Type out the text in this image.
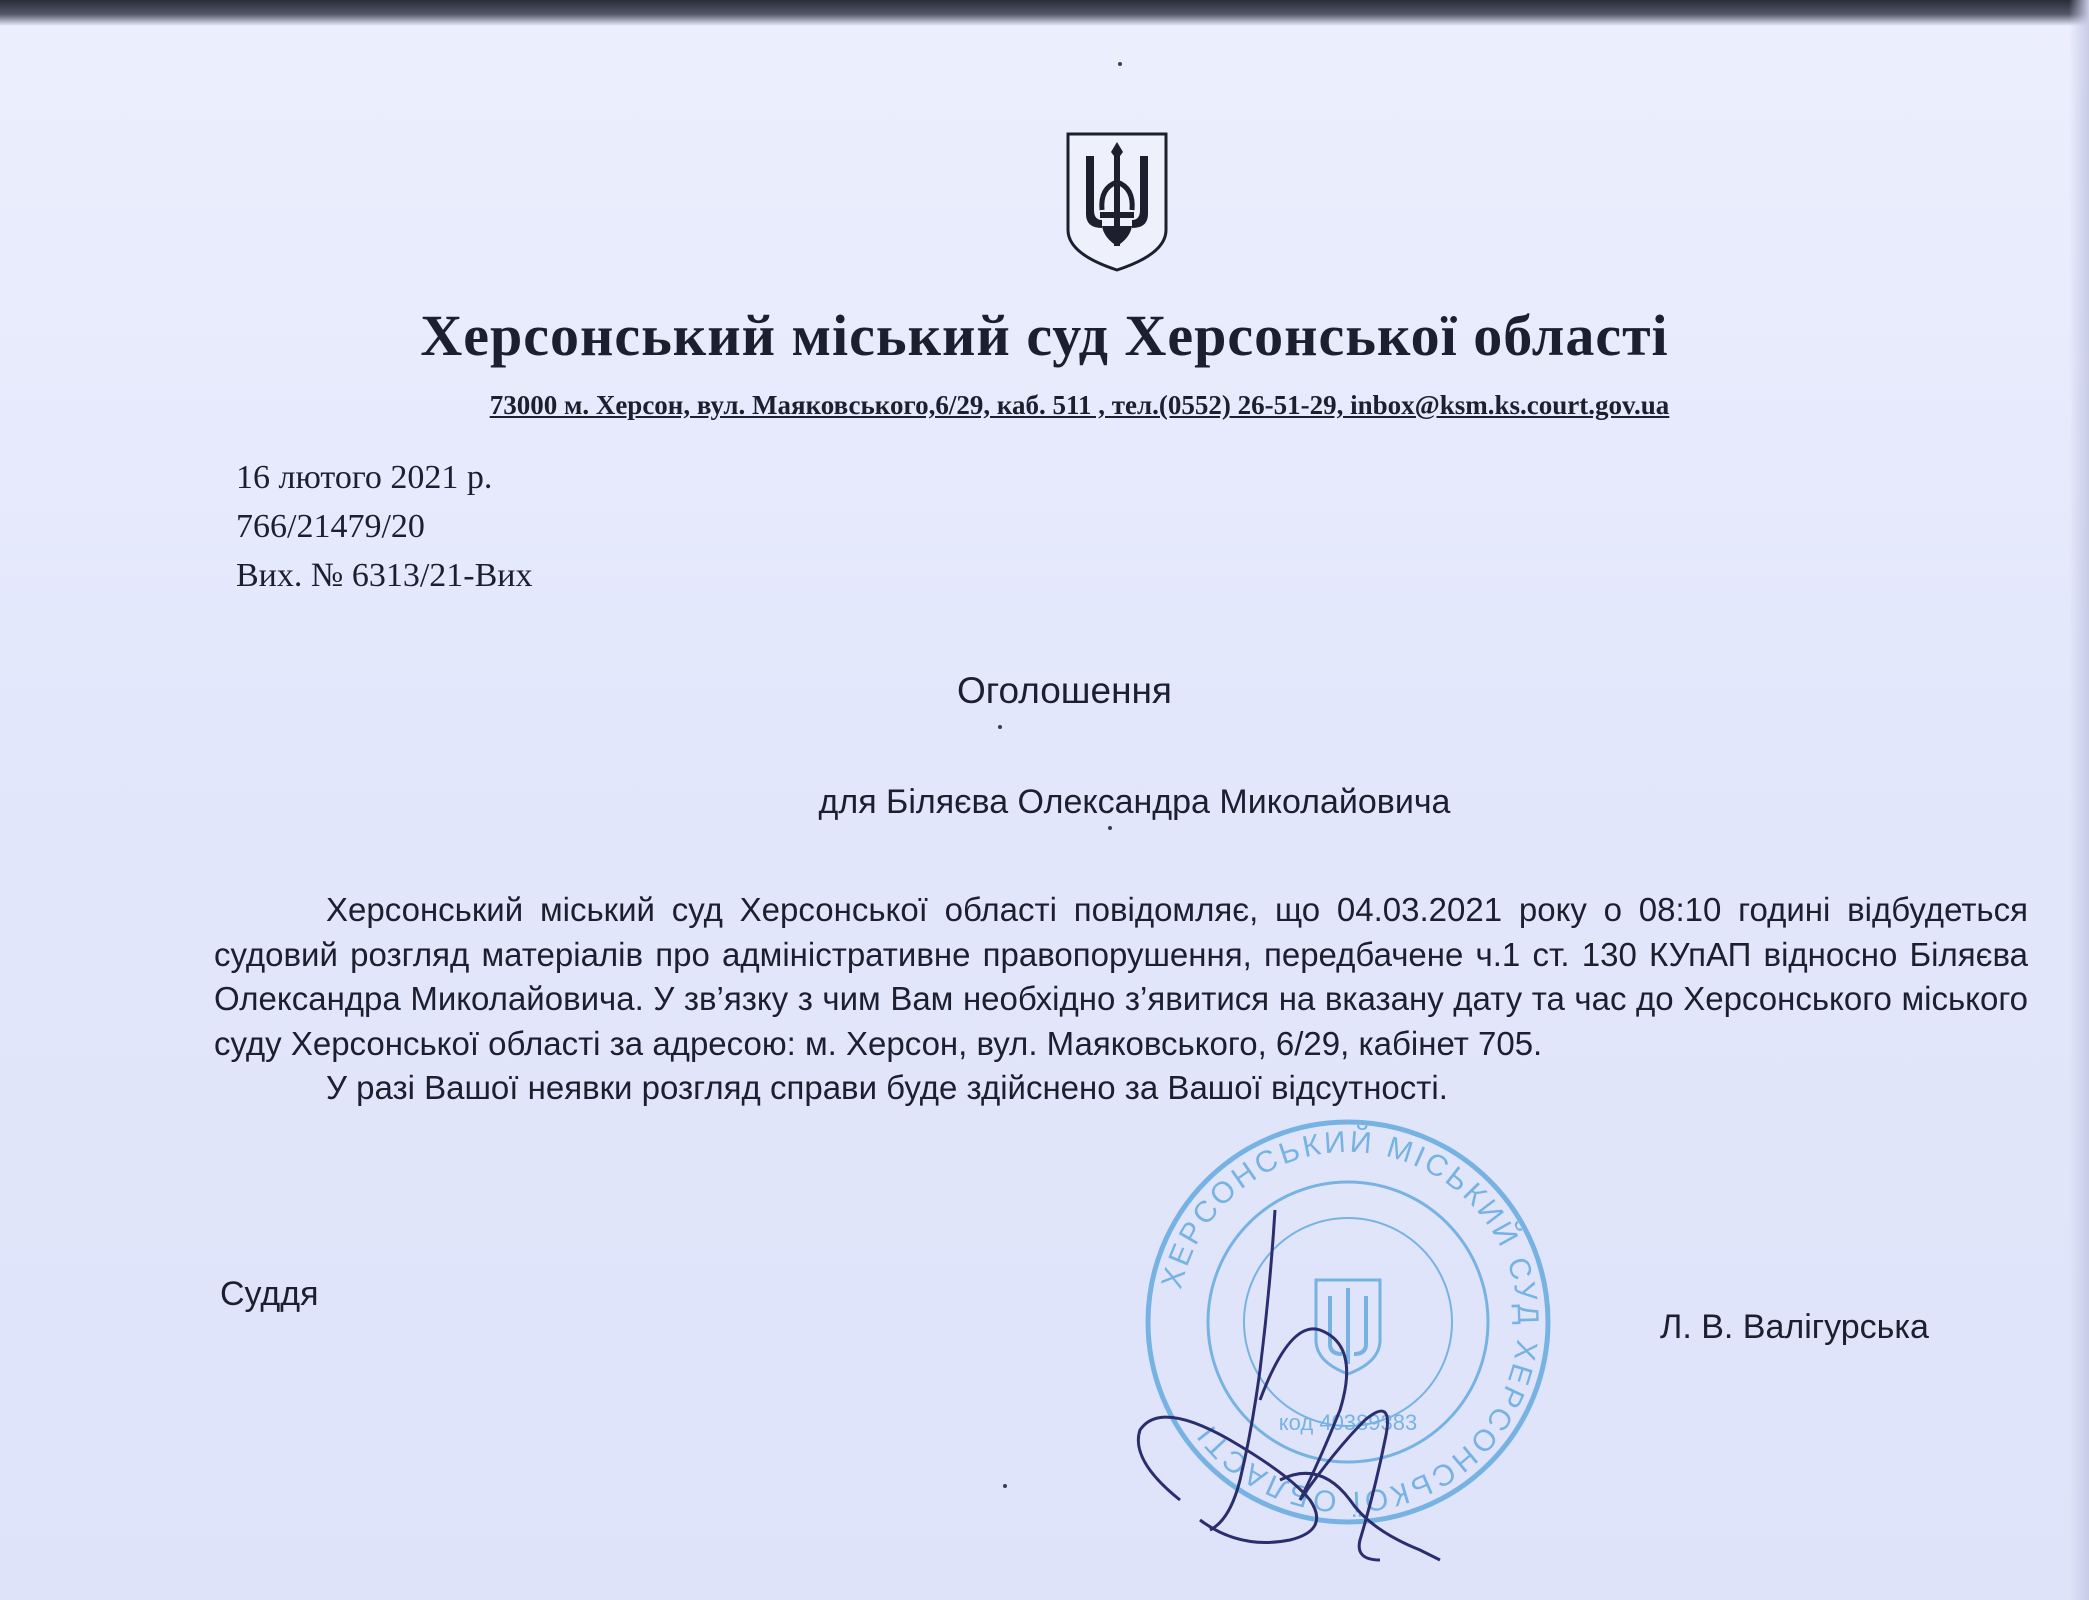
Херсонський міський суд Херсонської області
73000 м. Херсон, вул. Маяковського,6/29, каб. 511 , тел.(0552) 26-51-29, inbox@ksm.ks.court.gov.ua
16 лютого 2021 р.
766/21479/20
Вих. № 6313/21-Вих
Оголошення
для Біляєва Олександра Миколайовича

Херсонський міський суд Херсонської області повідомляє, що 04.03.2021 року о 08:10 годині відбудеться судовий розгляд матеріалів про адміністративне правопорушення, передбачене ч.1 ст. 130 КУпАП відносно Біляєва Олександра Миколайовича. У зв’язку з чим Вам необхідно з’явитися на вказану дату та час до Херсонського міського суду Херсонської області за адресою: м. Херсон, вул. Маяковського, 6/29, кабінет 705.

У разі Вашої неявки розгляд справи буде здійснено за Вашої відсутності.

ХЕРСОНСЬКИЙ МІСЬКИЙ СУД ХЕРСОНСЬКОЇ ОБЛАСТІ	код 40389383
Суддя
Л. В. Валігурська
